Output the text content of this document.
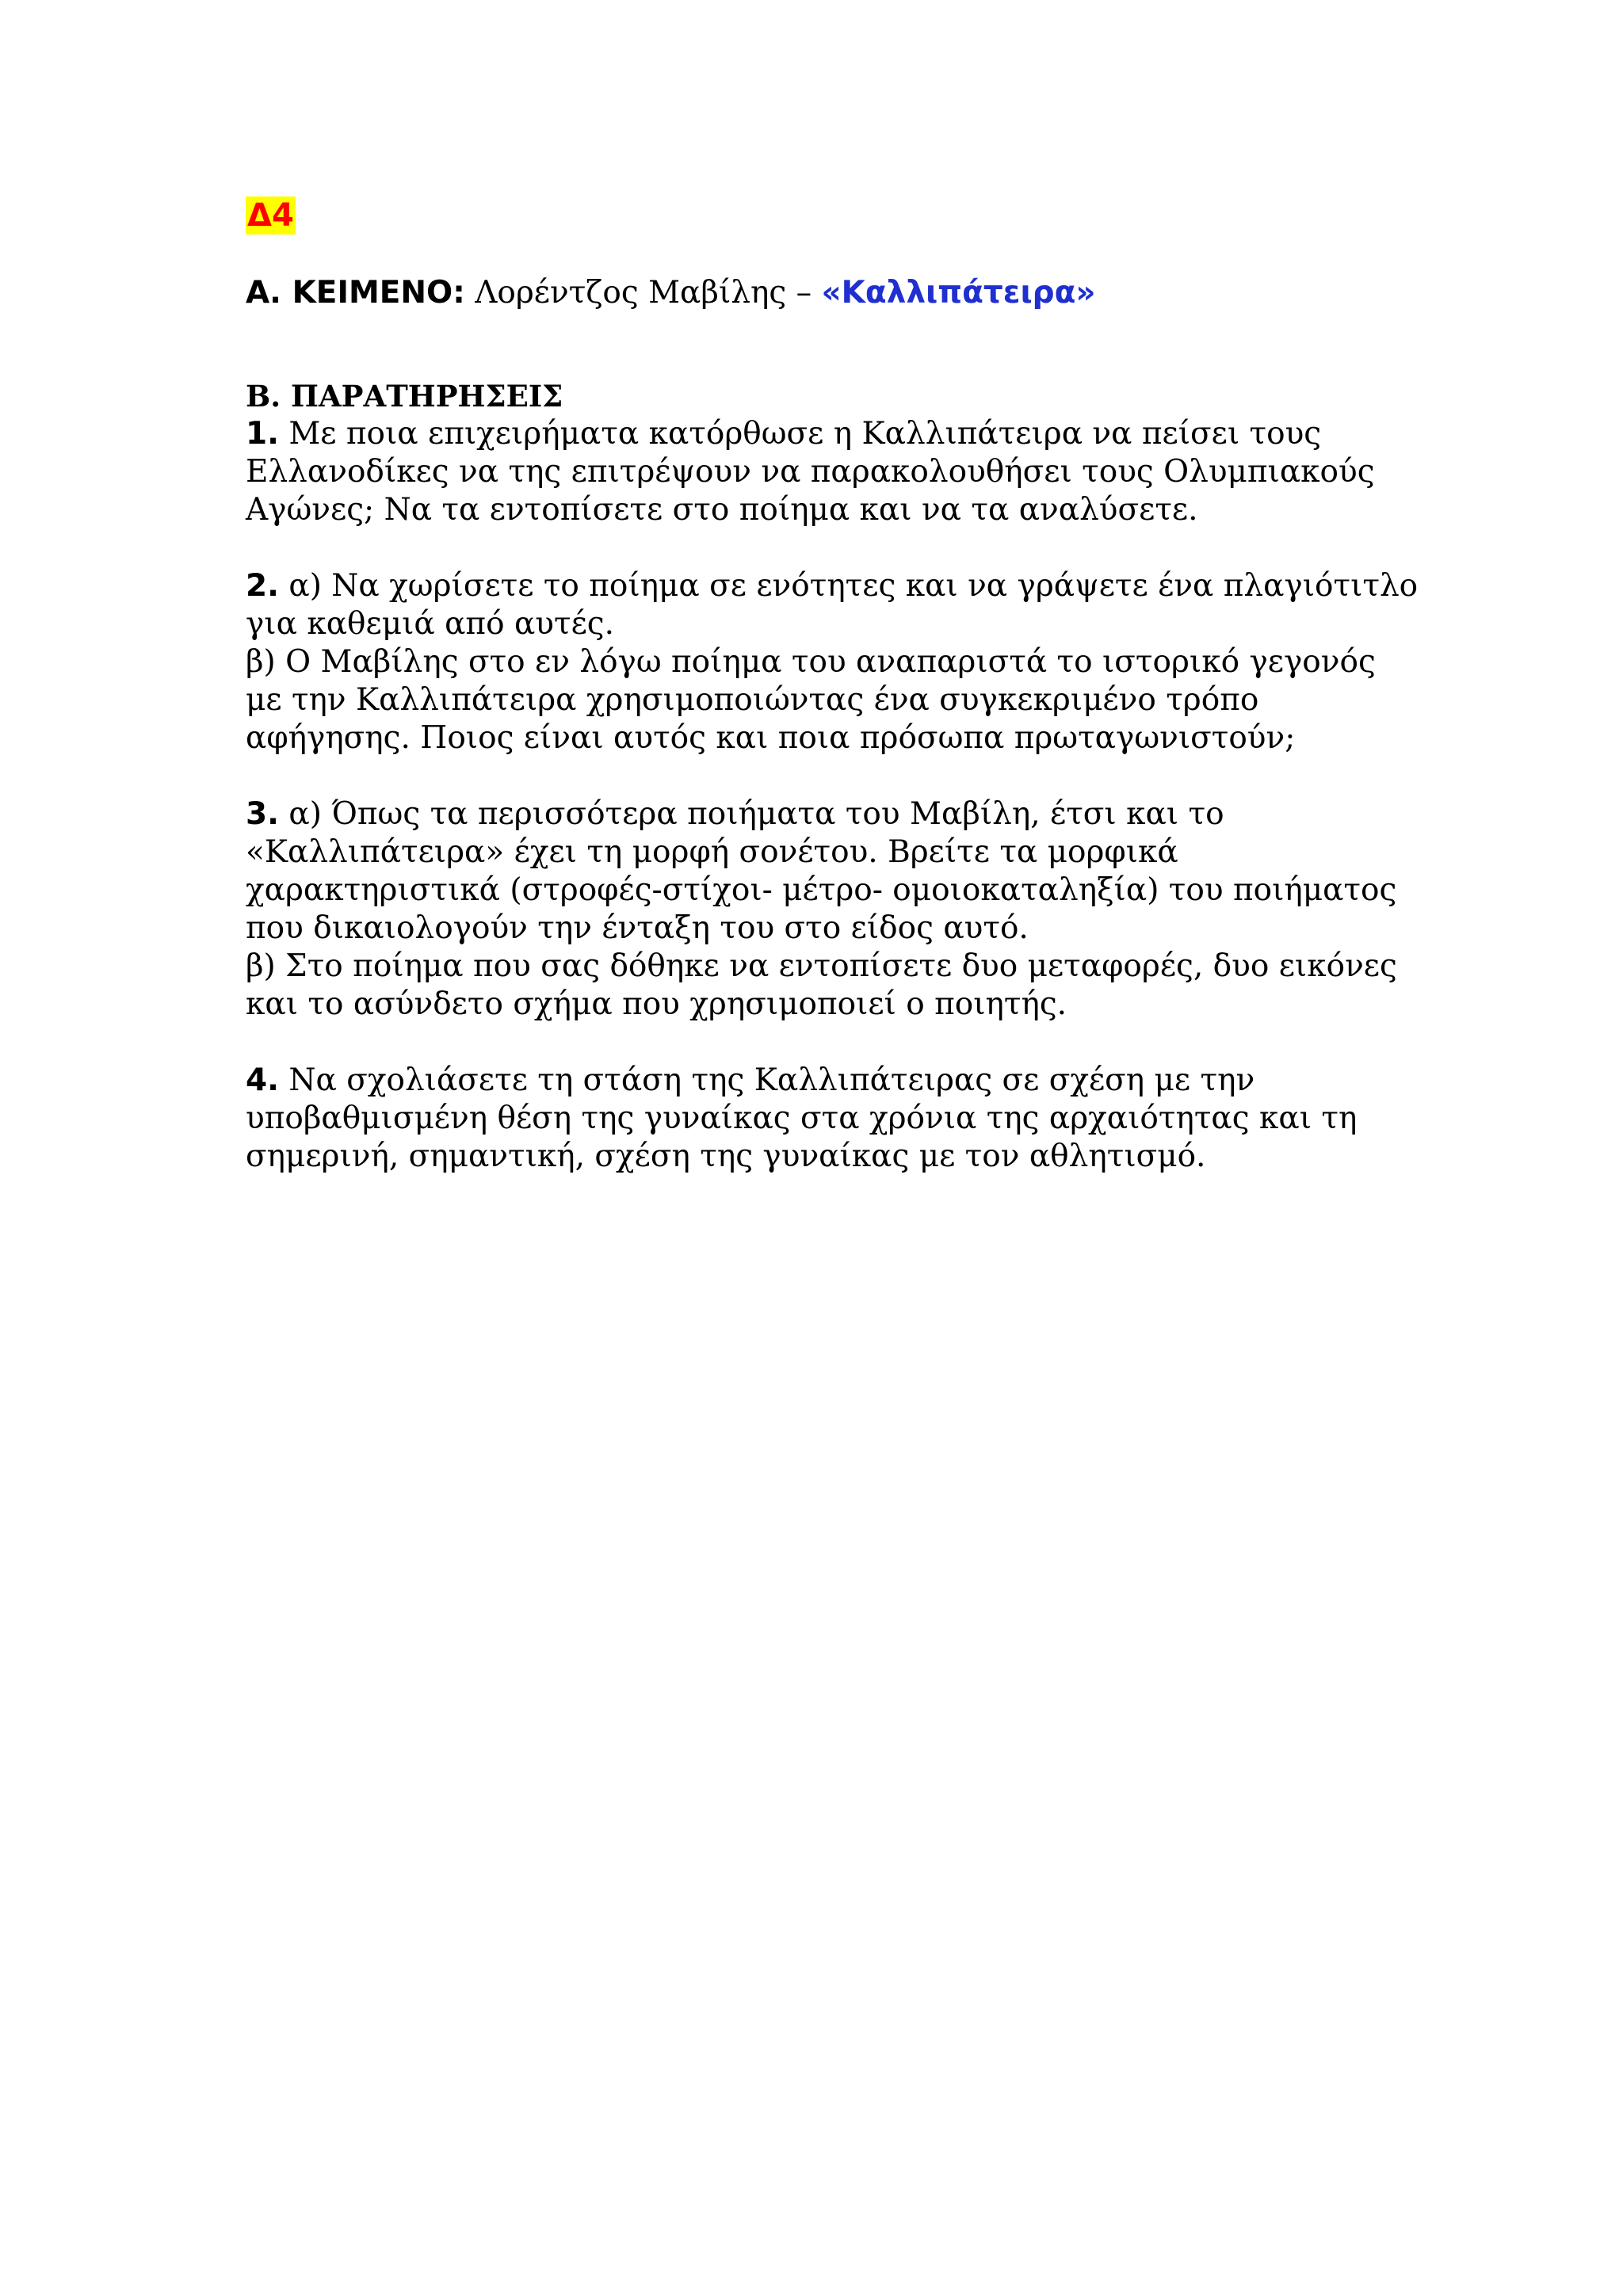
Δ4
Α. ΚΕΙΜΕΝΟ: Λορέντζος Μαβίλης – «Καλλιπάτειρα»
Β. ΠΑΡΑΤΗΡΗΣΕΙΣ

1. Με ποια επιχειρήματα κατόρθωσε η Καλλιπάτειρα να πείσει τους
Ελλανοδίκες να της επιτρέψουν να παρακολουθήσει τους Ολυμπιακούς
Αγώνες; Να τα εντοπίσετε στο ποίημα και να τα αναλύσετε.

2. α) Να χωρίσετε το ποίημα σε ενότητες και να γράψετε ένα πλαγιότιτλο
για καθεμιά από αυτές.
β) Ο Μαβίλης στο εν λόγω ποίημα του αναπαριστά το ιστορικό γεγονός
με την Καλλιπάτειρα χρησιμοποιώντας ένα συγκεκριμένο τρόπο
αφήγησης. Ποιος είναι αυτός και ποια πρόσωπα πρωταγωνιστούν;

3. α) Όπως τα περισσότερα ποιήματα του Μαβίλη, έτσι και το
«Καλλιπάτειρα» έχει τη μορφή σονέτου. Βρείτε τα μορφικά
χαρακτηριστικά (στροφές-στίχοι- μέτρο- ομοιοκαταληξία) του ποιήματος
που δικαιολογούν την ένταξη του στο είδος αυτό.
β) Στο ποίημα που σας δόθηκε να εντοπίσετε δυο μεταφορές, δυο εικόνες
και το ασύνδετο σχήμα που χρησιμοποιεί ο ποιητής.

4. Να σχολιάσετε τη στάση της Καλλιπάτειρας σε σχέση με την
υποβαθμισμένη θέση της γυναίκας στα χρόνια της αρχαιότητας και τη
σημερινή, σημαντική, σχέση της γυναίκας με τον αθλητισμό.
